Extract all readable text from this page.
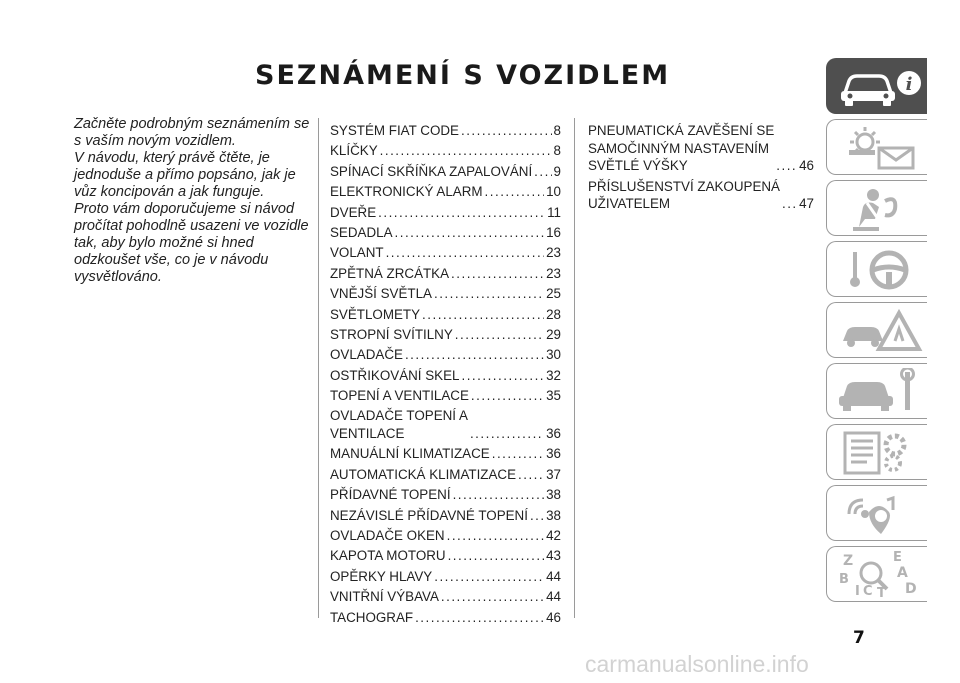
SEZNÁMENÍ S VOZIDLEM

Začněte podrobným seznámením se s vaším novým vozidlem.

V návodu, který právě čtěte, je jednoduše a přímo popsáno, jak je vůz koncipován a jak funguje.

Proto vám doporučujeme si návod pročítat pohodlně usazeni ve vozidle tak, aby bylo možné si hned odzkoušet vše, co je v návodu vysvětlováno.

SYSTÉM FIAT CODE .....	8
KLÍČKY .....	8
SPÍNACÍ SKŘÍŇKA ZAPALOVÁNÍ ..... 9
ELEKTRONICKÝ ALARM .....	10
DVEŘE .....	11
SEDADLA .....	16
VOLANT .....	23
ZPĚTNÁ ZRCÁTKA .....	23
VNĚJŠÍ SVĚTLA .....	25
SVĚTLOMETY .....	28
STROPNÍ SVÍTILNY .....	29
OVLADAČE .....	30
OSTŘIKOVÁNÍ SKEL .....	32
TOPENÍ A VENTILACE .....	35
OVLADAČE TOPENÍ A
VENTILACE .....	36
MANUÁLNÍ KLIMATIZACE .....	36
AUTOMATICKÁ KLIMATIZACE ..... 37
PŘÍDAVNÉ TOPENÍ .....	38
NEZÁVISLÉ PŘÍDAVNÉ TOPENÍ ..... 38
OVLADAČE OKEN .....	42
KAPOTA MOTORU .....	43
OPĚRKY HLAVY .....	44
VNITŘNÍ VÝBAVA .....	44
TACHOGRAF .....	46
PNEUMATICKÁ ZAVĚŠENÍ SE
SAMOČINNÝM NASTAVENÍM
SVĚTLÉ VÝŠKY .....	46
PŘÍSLUŠENSTVÍ ZAKOUPENÁ
UŽIVATELEM .....	47
i
Z	E
B	A
I C T D
7
carmanualsonline.info
